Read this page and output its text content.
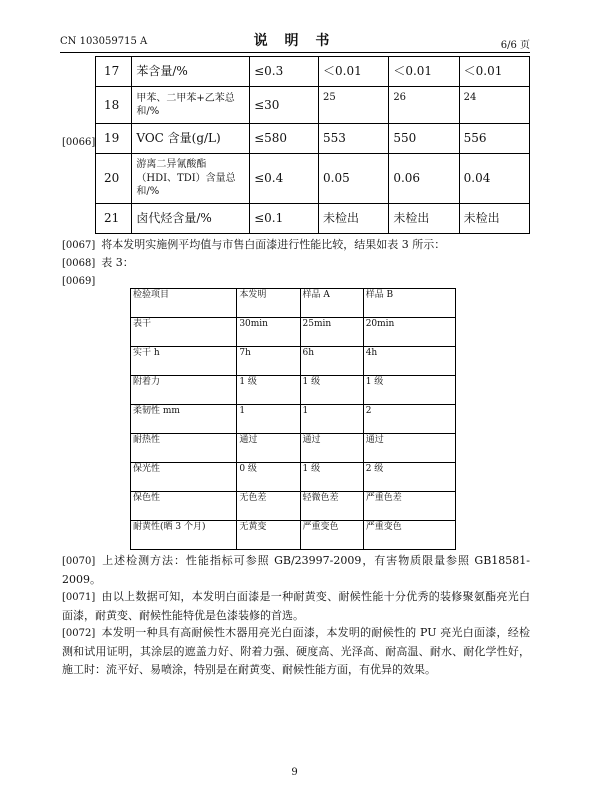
CN 103059715 A	说 明 书	6/6 页
[0066]
17	苯含量/%	≤0.3	＜0.01	＜0.01	＜0.01
18	甲苯、二甲苯+乙苯总和/%	≤30	25	26	24
19	VOC 含量(g/L)	≤580	553	550	556
20	游离二异氰酸酯（HDI、TDI）含量总和/%	≤0.4	0.05	0.06	0.04
21	卤代烃含量/%	≤0.1	未检出	未检出	未检出
[0067] 将本发明实施例平均值与市售白面漆进行性能比较，结果如表 3 所示：
[0068] 表 3：
[0069]
检验项目	本发明	样品 A	样品 B
表干	30min	25min	20min
实干 h	7h	6h	4h
附着力	1 级	1 级	1 级
柔韧性 mm	1	1	2
耐热性	通过	通过	通过
保光性	0 级	1 级	2 级
保色性	无色差	轻微色差	严重色差
耐黄性(晒 3 个月)	无黄变	严重变色	严重变色
[0070] 上述检测方法：性能指标可参照 GB/23997-2009，有害物质限量参照 GB18581-2009。
[0071] 由以上数据可知，本发明白面漆是一种耐黄变、耐候性能十分优秀的装修聚氨酯亮光白面漆，耐黄变、耐候性能特优是色漆装修的首选。
[0072] 本发明一种具有高耐候性木器用亮光白面漆，本发明的耐候性的 PU 亮光白面漆，经检测和试用证明，其涂层的遮盖力好、附着力强、硬度高、光泽高、耐高温、耐水、耐化学性好，施工时：流平好、易喷涂，特别是在耐黄变、耐候性能方面，有优异的效果。
9
